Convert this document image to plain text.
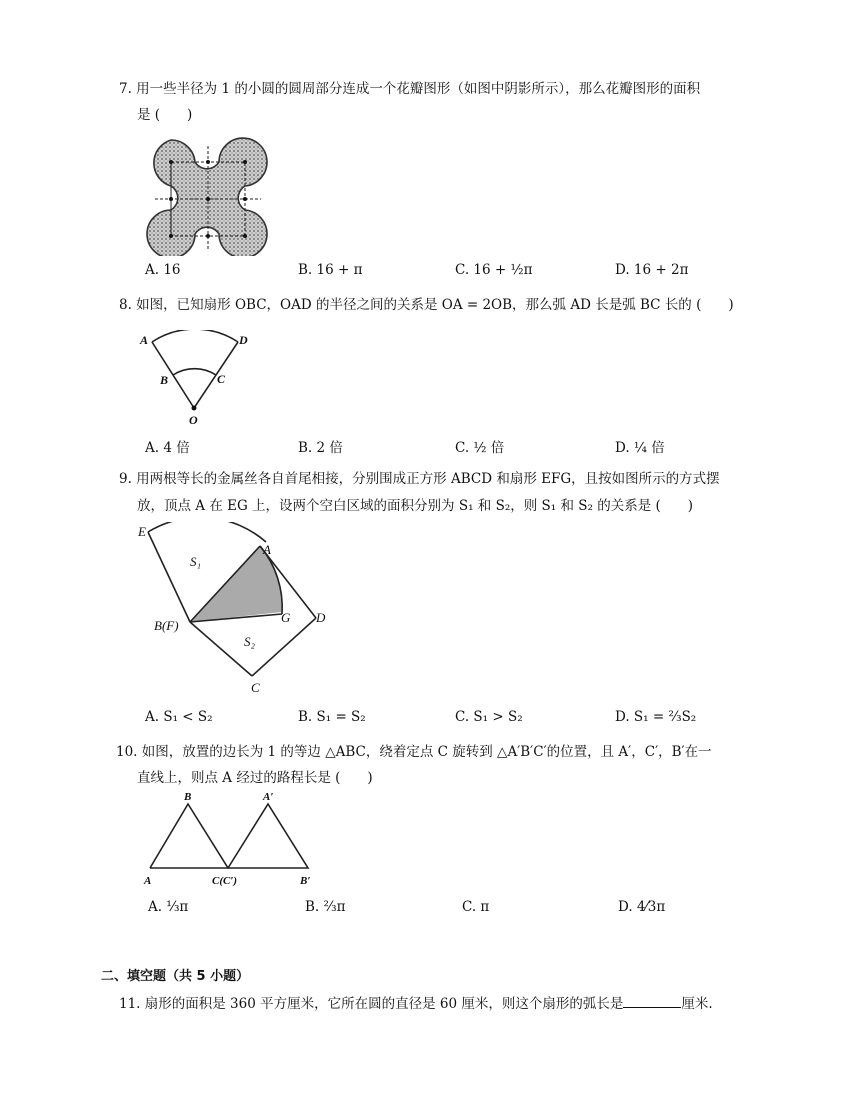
7. 用一些半径为 1 的小圆的圆周部分连成一个花瓣图形（如图中阴影所示），那么花瓣图形的面积
是 (　　)
A. 16	B. 16 + π	C. 16 + ½π	D. 16 + 2π
8. 如图，已知扇形 OBC，OAD 的半径之间的关系是 OA = 2OB，那么弧 AD 长是弧 BC 长的 (　　)
A	D
B	C
O
A. 4 倍	B. 2 倍	C. ½ 倍	D. ¼ 倍
9. 用两根等长的金属丝各自首尾相接，分别围成正方形 ABCD 和扇形 EFG，且按如图所示的方式摆
放，顶点 A 在 EG 上，设两个空白区域的面积分别为 S₁ 和 S₂，则 S₁ 和 S₂ 的关系是 (　　)
E
A
S₁
B(F)
G D
S₂
C
A. S₁ < S₂	B. S₁ = S₂	C. S₁ > S₂	D. S₁ = ⅔S₂
10. 如图，放置的边长为 1 的等边 △ABC，绕着定点 C 旋转到 △A′B′C′的位置，且 A′，C′，B′在一
直线上，则点 A 经过的路程长是 (　　)
B	A′
A	C(C′)	B′
A. ⅓π	B. ⅔π	C. π	D. 4⁄3π
二、填空题（共 5 小题）
11. 扇形的面积是 360 平方厘米，它所在圆的直径是 60 厘米，则这个扇形的弧长是	厘米.
